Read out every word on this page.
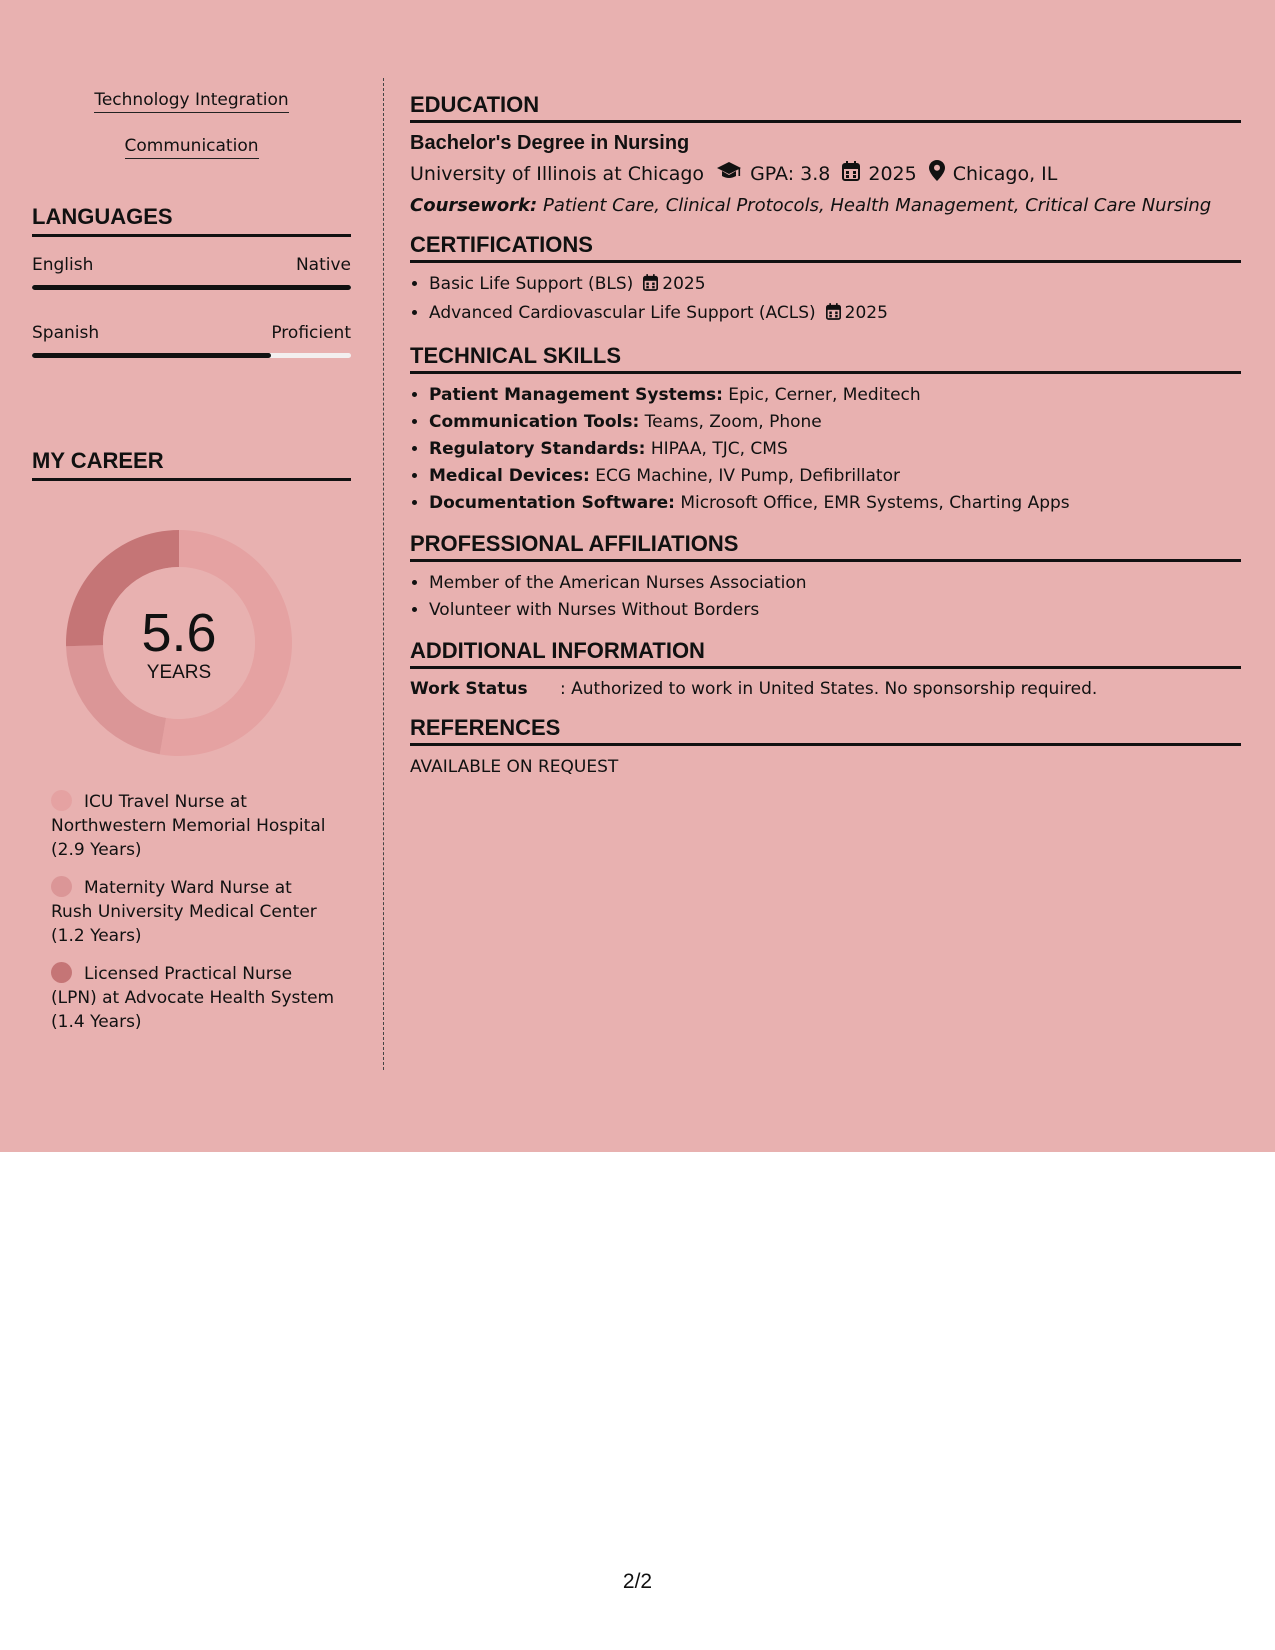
Technology Integration
Communication
LANGUAGES
English	Native
Spanish	Proficient
MY CAREER
5.6
YEARS
ICU Travel Nurse at Northwestern Memorial Hospital (2.9 Years)
Maternity Ward Nurse at Rush University Medical Center (1.2 Years)
Licensed Practical Nurse (LPN) at Advocate Health System (1.4 Years)
EDUCATION
Bachelor's Degree in Nursing
University of Illinois at Chicago GPA: 3.8 2025 Chicago, IL
Coursework: Patient Care, Clinical Protocols, Health Management, Critical Care Nursing
CERTIFICATIONS
• Basic Life Support (BLS) 2025
• Advanced Cardiovascular Life Support (ACLS) 2025
TECHNICAL SKILLS
• Patient Management Systems: Epic, Cerner, Meditech
• Communication Tools: Teams, Zoom, Phone
• Regulatory Standards: HIPAA, TJC, CMS
• Medical Devices: ECG Machine, IV Pump, Defibrillator
• Documentation Software: Microsoft Office, EMR Systems, Charting Apps
PROFESSIONAL AFFILIATIONS
• Member of the American Nurses Association
• Volunteer with Nurses Without Borders
ADDITIONAL INFORMATION
Work Status : Authorized to work in United States. No sponsorship required.
REFERENCES
AVAILABLE ON REQUEST
2/2
